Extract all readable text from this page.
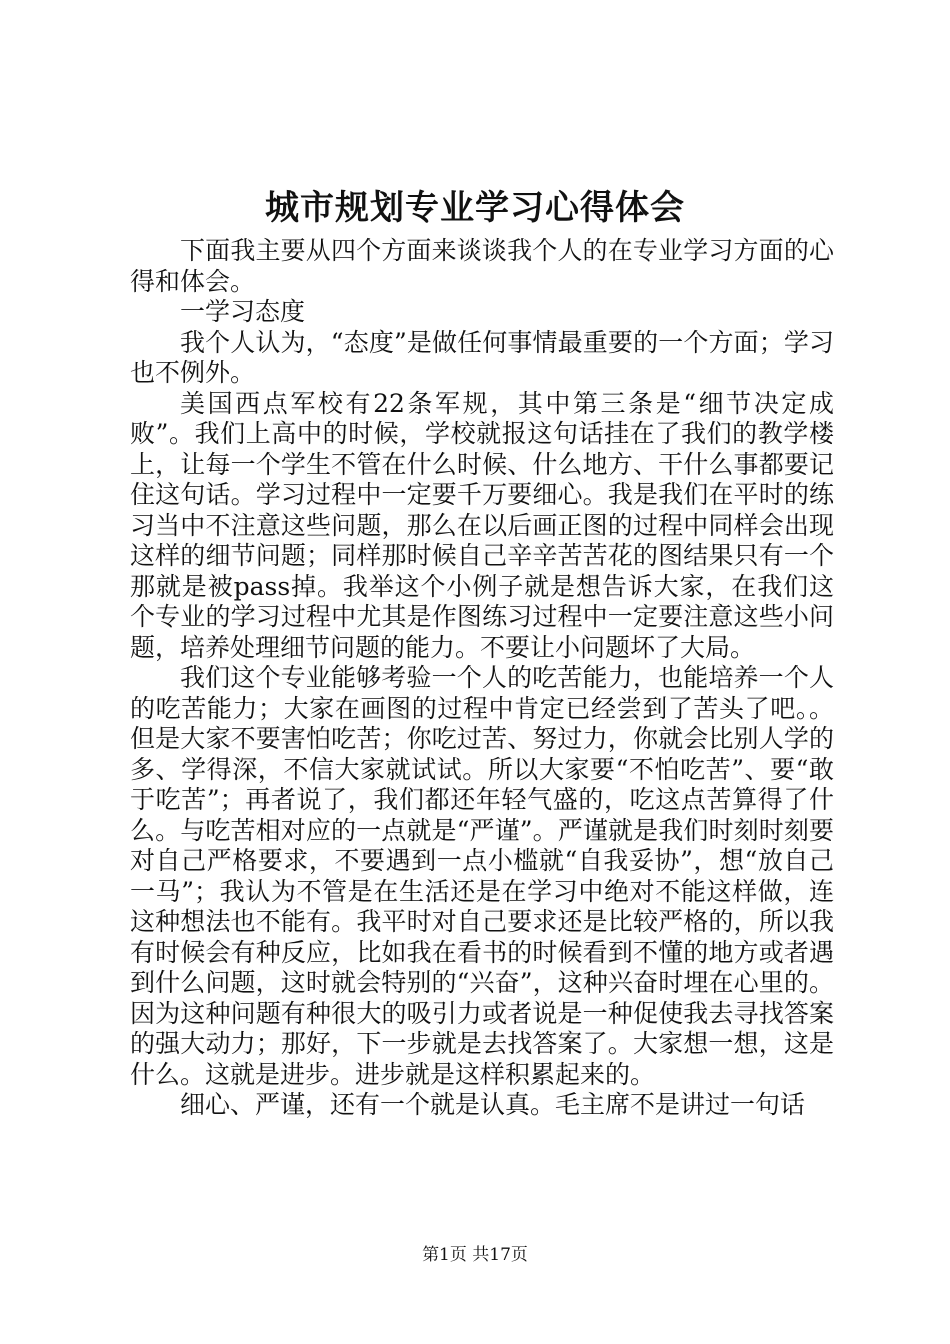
城市规划专业学习心得体会

下面我主要从四个方面来谈谈我个人的在专业学习方面的心得和体会。

一学习态度

我个人认为，“态度”是做任何事情最重要的一个方面；学习也不例外。

美国西点军校有22条军规，其中第三条是“细节决定成败”。我们上高中的时候，学校就报这句话挂在了我们的教学楼上，让每一个学生不管在什么时候、什么地方、干什么事都要记住这句话。学习过程中一定要千万要细心。我是我们在平时的练习当中不注意这些问题，那么在以后画正图的过程中同样会出现这样的细节问题；同样那时候自己辛辛苦苦花的图结果只有一个那就是被pass掉。我举这个小例子就是想告诉大家，在我们这个专业的学习过程中尤其是作图练习过程中一定要注意这些小问题，培养处理细节问题的能力。不要让小问题坏了大局。

我们这个专业能够考验一个人的吃苦能力，也能培养一个人的吃苦能力；大家在画图的过程中肯定已经尝到了苦头了吧。。但是大家不要害怕吃苦；你吃过苦、努过力，你就会比别人学的多、学得深，不信大家就试试。所以大家要“不怕吃苦”、要“敢于吃苦”；再者说了，我们都还年轻气盛的，吃这点苦算得了什么。与吃苦相对应的一点就是“严谨”。严谨就是我们时刻时刻要对自己严格要求，不要遇到一点小槛就“自我妥协”，想“放自己一马”；我认为不管是在生活还是在学习中绝对不能这样做，连这种想法也不能有。我平时对自己要求还是比较严格的，所以我有时候会有种反应，比如我在看书的时候看到不懂的地方或者遇到什么问题，这时就会特别的“兴奋”，这种兴奋时埋在心里的。因为这种问题有种很大的吸引力或者说是一种促使我去寻找答案的强大动力；那好，下一步就是去找答案了。大家想一想，这是什么。这就是进步。进步就是这样积累起来的。

细心、严谨，还有一个就是认真。毛主席不是讲过一句话

第1页 共17页
